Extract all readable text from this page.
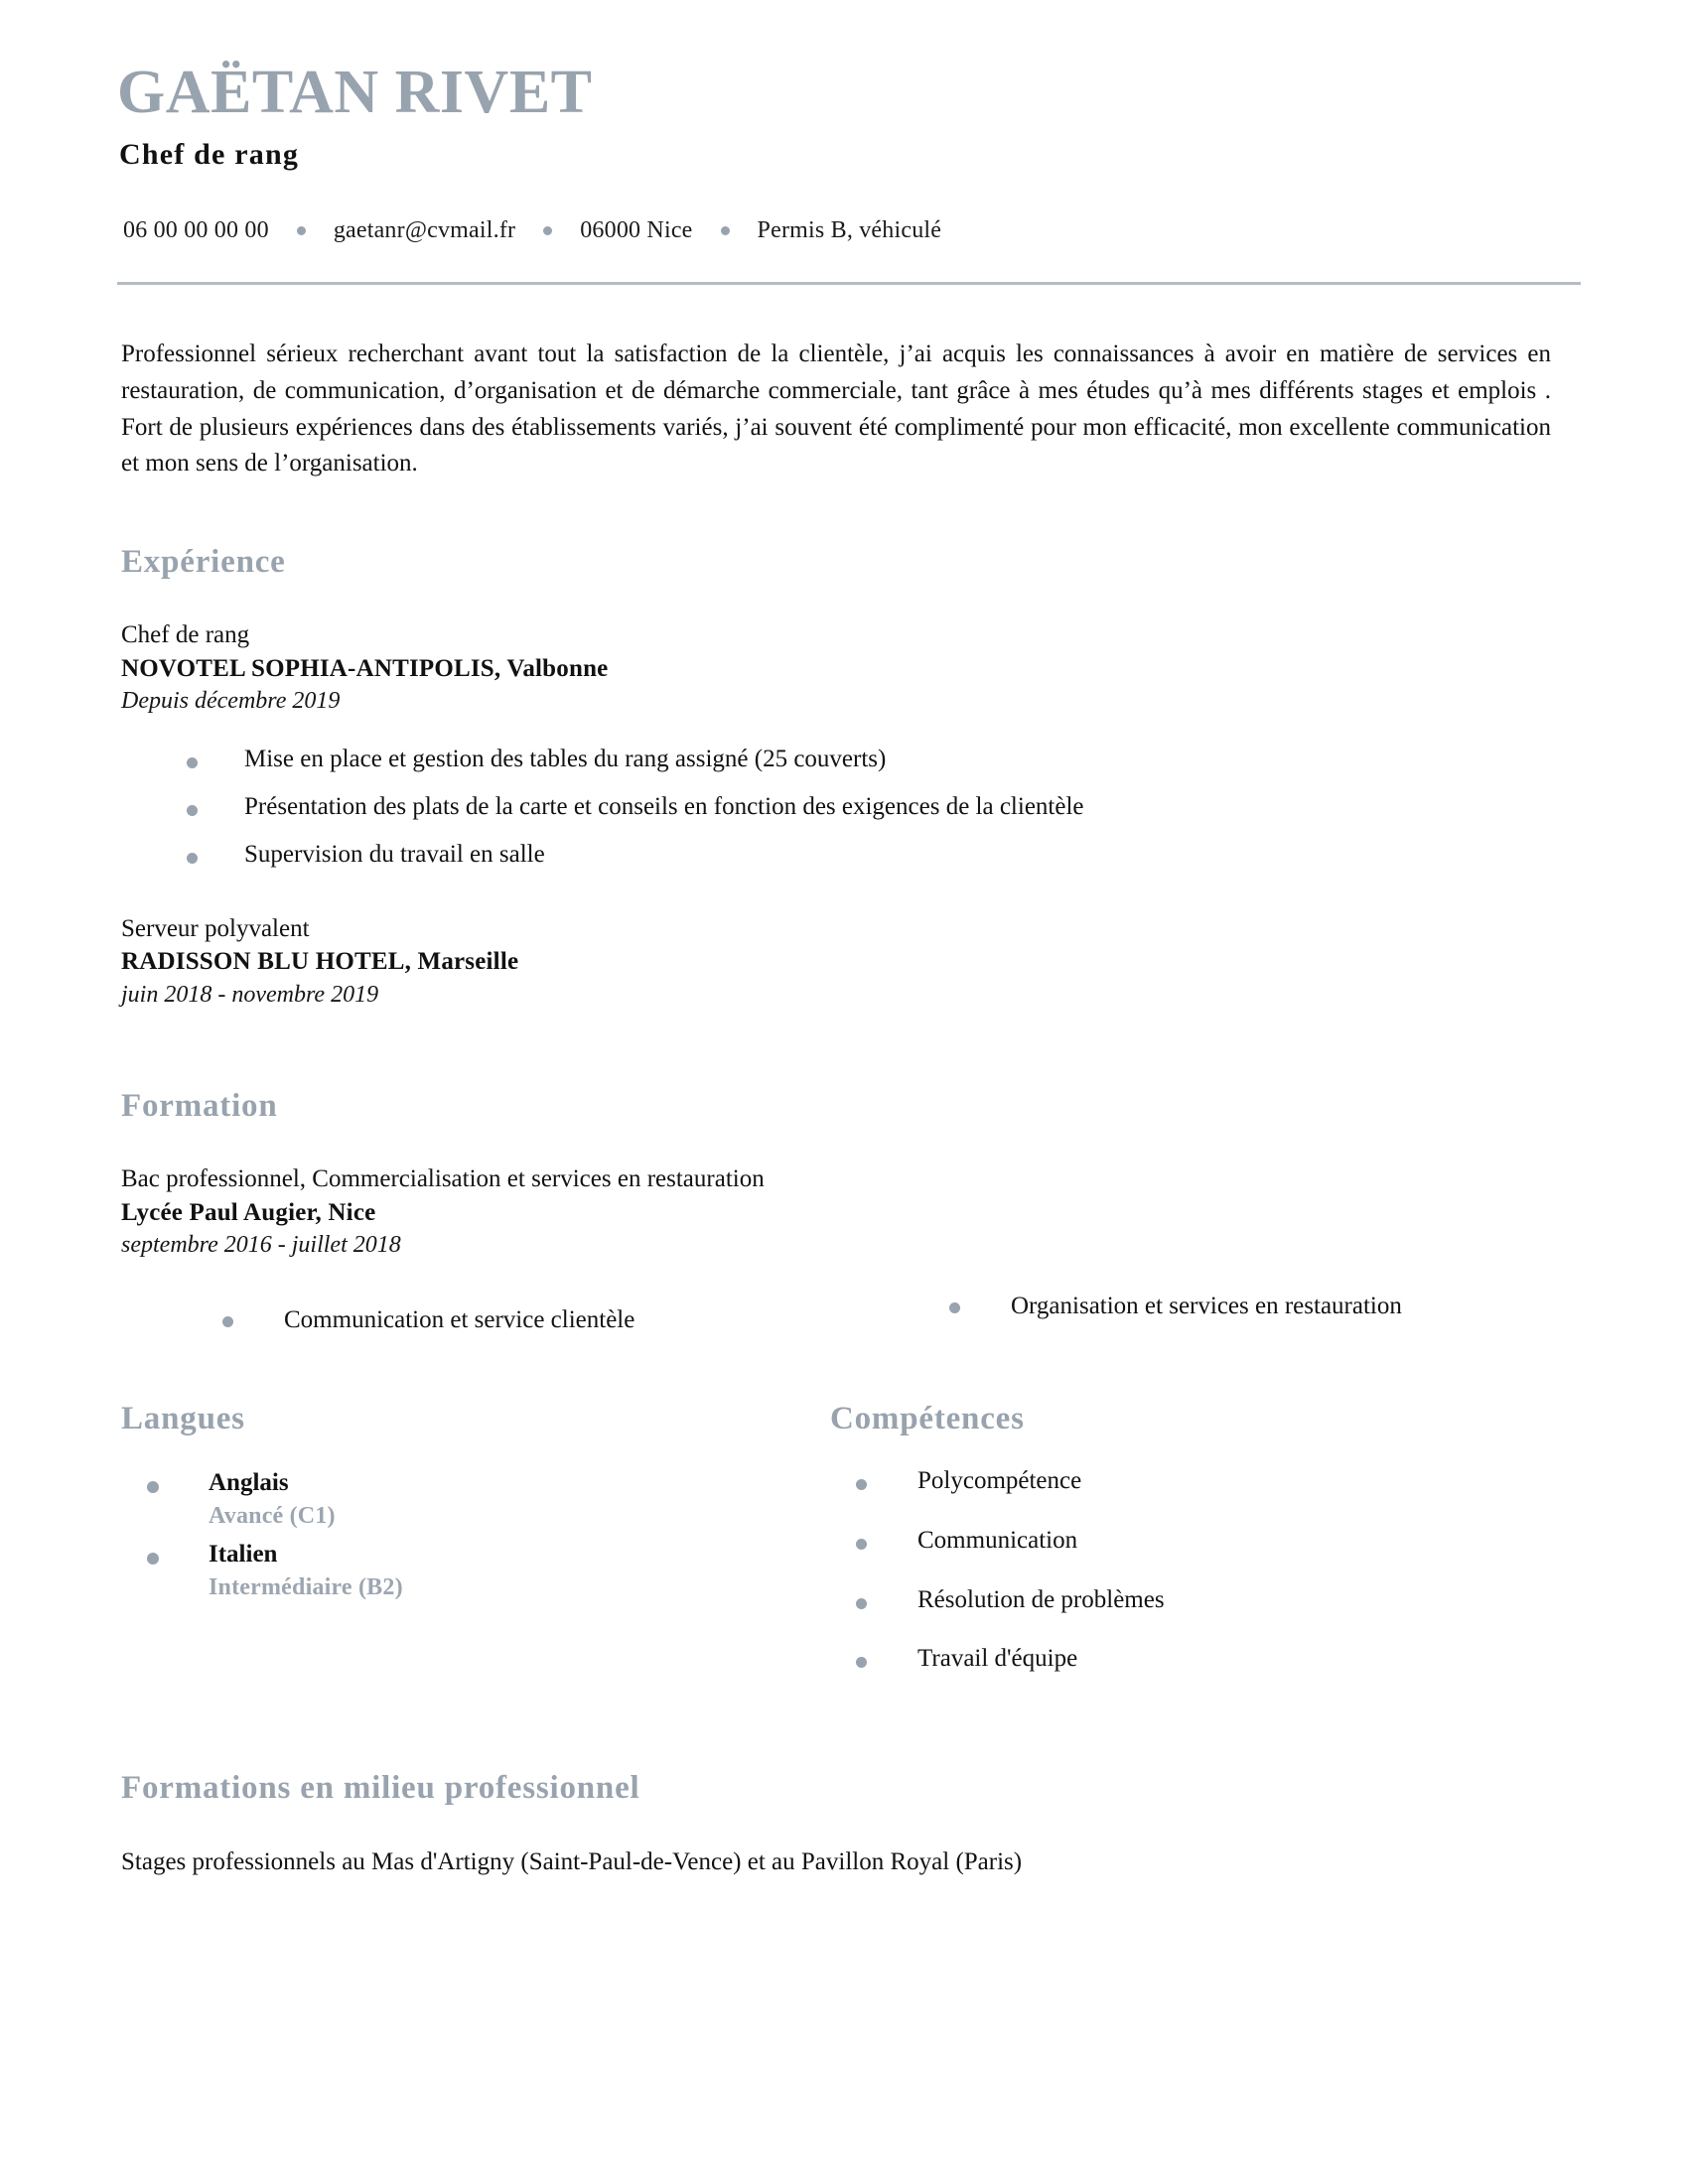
GAËTAN RIVET
Chef de rang
06 00 00 00 00	gaetanr@cvmail.fr	06000 Nice	Permis B, véhiculé

Professionnel sérieux recherchant avant tout la satisfaction de la clientèle, j’ai acquis les connaissances à avoir en matière de services en restauration, de communication, d’organisation et de démarche commerciale, tant grâce à mes études qu’à mes différents stages et emplois . Fort de plusieurs expériences dans des établissements variés, j’ai souvent été complimenté pour mon efficacité, mon excellente communication et mon sens de l’organisation.

Expérience
Chef de rang
NOVOTEL SOPHIA-ANTIPOLIS, Valbonne
Depuis décembre 2019
Mise en place et gestion des tables du rang assigné (25 couverts)
Présentation des plats de la carte et conseils en fonction des exigences de la clientèle
Supervision du travail en salle
Serveur polyvalent
RADISSON BLU HOTEL, Marseille
juin 2018 - novembre 2019
Formation
Bac professionnel, Commercialisation et services en restauration
Lycée Paul Augier, Nice
septembre 2016 - juillet 2018
Communication et service clientèle
Organisation et services en restauration
Langues
Anglais
Avancé (C1)
Italien
Intermédiaire (B2)
Compétences
Polycompétence
Communication
Résolution de problèmes
Travail d'équipe
Formations en milieu professionnel

Stages professionnels au Mas d'Artigny (Saint-Paul-de-Vence) et au Pavillon Royal (Paris)
